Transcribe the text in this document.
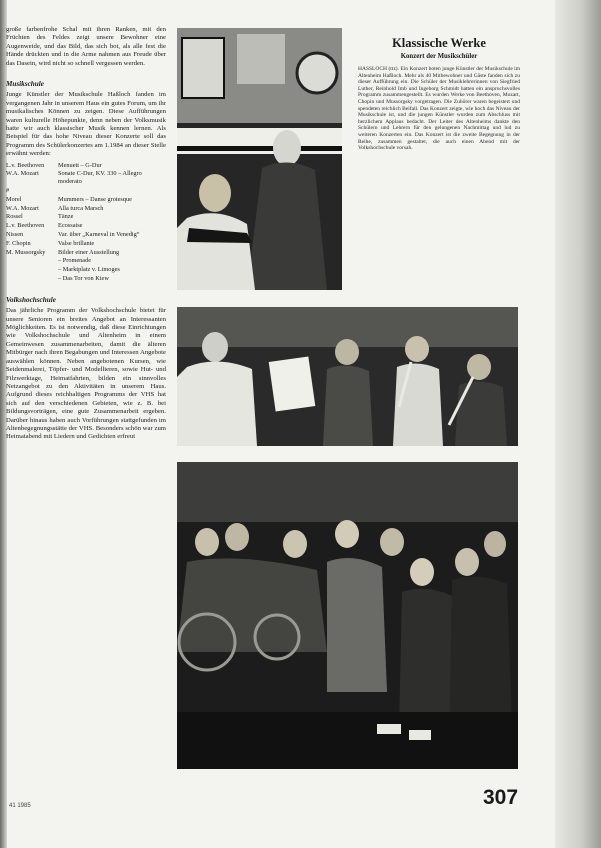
große farbenfrohe Schal mit ihren Ranken, mit den Früchten des Feldes zeigt unsere Bewohner eine Augenweide, und das Bild, das sich bot, als alle fest die Hände drückten und in die Arme nahmen aus Freude über das Dasein, wird nicht so schnell vergessen werden.

Musikschule

Junge Künstler der Musikschule Haßloch fanden im vergangenen Jahr in unserem Haus ein gutes Forum, um ihr musikalisches Können zu zeigen. Diese Aufführungen waren kulturelle Höhepunkte, denn neben der Volksmusik hatte wir auch klassischer Musik kennen lernen. Als Beispiel für das hohe Niveau dieser Konzerte soll das Programm des Schülerkonzertes am 1.1984 an dieser Stelle erwähnt werden:

L.v. Beethoven	Menuett – G-Dur
W.A. Mozart	Sonate C-Dur, KV. 330 – Allegro moderato
#	
Morel	Mummers – Danse grotesque
W.A. Mozart	Alla turca Marsch
Rossel	Tänze
L.v. Beethoven	Ecossaise
Nissen	Var. über „Karneval in Venedig“
F. Chopin	Valse brillante
M. Mussorgsky	Bilder einer Ausstellung
	– Promenade
	– Marktplatz v. Limoges
	– Das Tor von Kiew
Volkshochschule

Das jährliche Programm der Volkshochschule bietet für unsere Senioren ein breites Angebot an Interessanten Möglichkeiten. Es ist notwendig, daß diese Einrichtungen wie Volkshochschule und Altenheim in einem Gemeinwesen zusammenarbeiten, damit die älteren Mitbürger nach ihren Begabungen und Interessen Angebote auswählen können. Neben angebotenen Kursen, wie Seidenmalerei, Töpfer- und Modellieren, sowie Hut- und Filzwerktage, Heimatfahrten, bilden ein sinnvolles Netzangebot zu den Aktivitäten in unserem Haus. Aufgrund dieses reichhaltigen Programms der VHS hat sich auf den verschiedenen Gebieten, wie z. B. bei Bildungsvorträgen, eine gute Zusammenarbeit ergeben. Darüber hinaus haben auch Vorführungen stattgefunden im Altenbegegnungsstätte der VHS. Besonders schön war zum Heimatabend mit Liedern und Gedichten erfreut

Klassische Werke
Konzert der Musikschüler

HASSLOCH (ttz). Ein Konzert boten junge Künstler der Musikschule im Altenheim Haßloch. Mehr als 40 Mitbewohner und Gäste fanden sich zu dieser Aufführung ein. Die Schüler der Musiklehrerinnen von Siegfried Luther, Reinhold Imb und Ingeborg Schmidt hatten ein anspruchsvolles Programm zusammengestellt. Es wurden Werke von Beethoven, Mozart, Chopin und Mussorgsky vorgetragen. Die Zuhörer waren begeistert und spendeten reichlich Beifall. Das Konzert zeigte, wie hoch das Niveau der Musikschule ist, und die jungen Künstler wurden zum Abschluss mit herzlichem Applaus bedacht. Der Leiter des Altenheims dankte den Schülern und Lehrern für den gelungenen Nachmittag und lud zu weiteren Konzerten ein. Das Konzert ist die zweite Begegnung in der Reihe, zusammen gestaltet, die auch einen Abend mit der Volkshochschule vorsah.

307
41 1985
